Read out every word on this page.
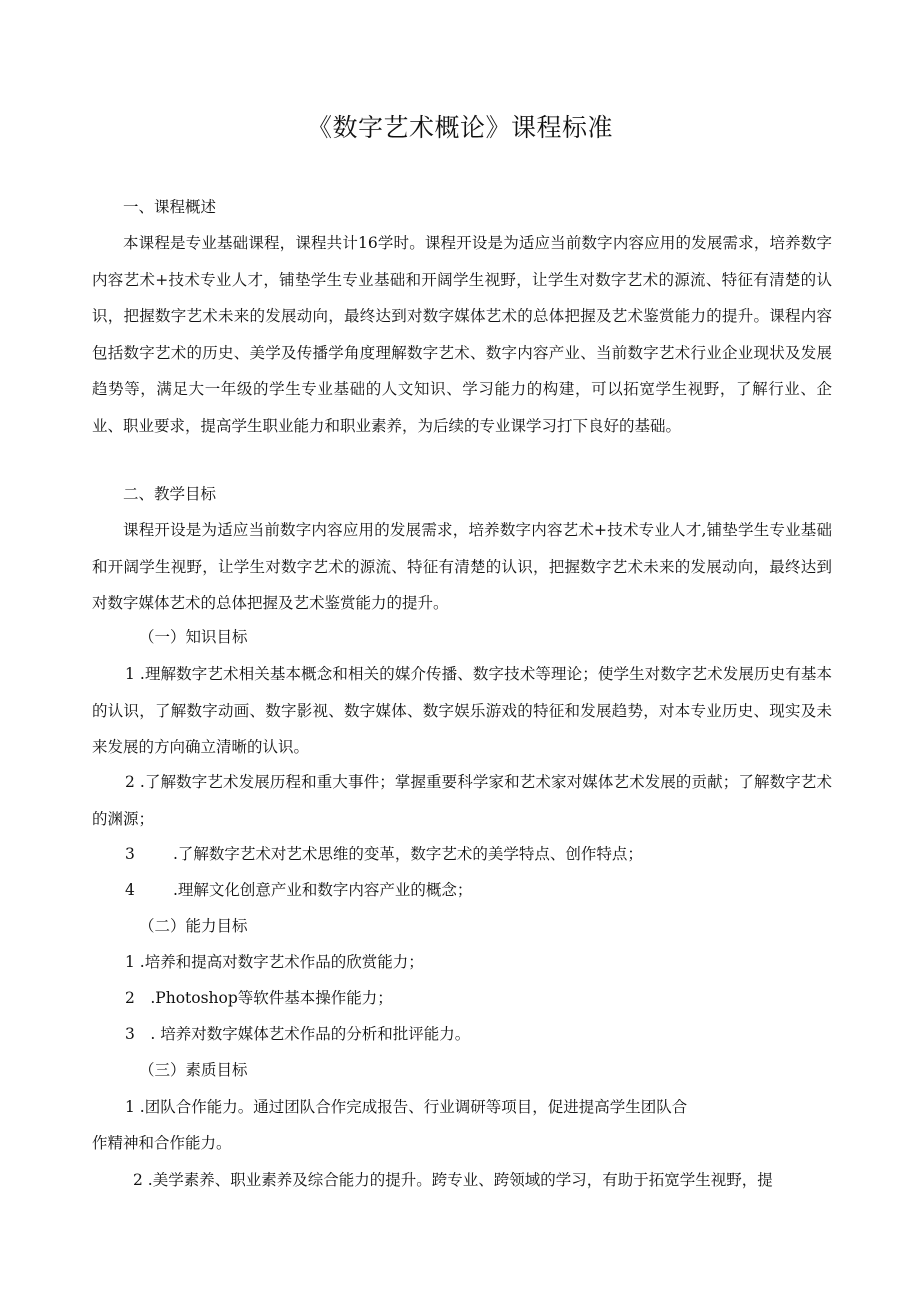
《数字艺术概论》课程标准
一、课程概述

本课程是专业基础课程，课程共计16学时。课程开设是为适应当前数字内容应用的发展需求，培养数字内容艺术+技术专业人才，铺垫学生专业基础和开阔学生视野，让学生对数字艺术的源流、特征有清楚的认识，把握数字艺术未来的发展动向，最终达到对数字媒体艺术的总体把握及艺术鉴赏能力的提升。课程内容包括数字艺术的历史、美学及传播学角度理解数字艺术、数字内容产业、当前数字艺术行业企业现状及发展趋势等，满足大一年级的学生专业基础的人文知识、学习能力的构建，可以拓宽学生视野，了解行业、企业、职业要求，提高学生职业能力和职业素养，为后续的专业课学习打下良好的基础。

二、教学目标

课程开设是为适应当前数字内容应用的发展需求，培养数字内容艺术+技术专业人才,铺垫学生专业基础和开阔学生视野，让学生对数字艺术的源流、特征有清楚的认识，把握数字艺术未来的发展动向，最终达到对数字媒体艺术的总体把握及艺术鉴赏能力的提升。

（一）知识目标

1 .理解数字艺术相关基本概念和相关的媒介传播、数字技术等理论；使学生对数字艺术发展历史有基本的认识，了解数字动画、数字影视、数字媒体、数字娱乐游戏的特征和发展趋势，对本专业历史、现实及未来发展的方向确立清晰的认识。

2 .了解数字艺术发展历程和重大事件；掌握重要科学家和艺术家对媒体艺术发展的贡献；了解数字艺术的渊源；

3 .了解数字艺术对艺术思维的变革，数字艺术的美学特点、创作特点；
4 .理解文化创意产业和数字内容产业的概念；
（二）能力目标
1 .培养和提高对数字艺术作品的欣赏能力；
2　.Photoshop等软件基本操作能力；
3　. 培养对数字媒体艺术作品的分析和批评能力。
（三）素质目标
1 .团队合作能力。通过团队合作完成报告、行业调研等项目，促进提高学生团队合
作精神和合作能力。
2 .美学素养、职业素养及综合能力的提升。跨专业、跨领域的学习，有助于拓宽学生视野，提
